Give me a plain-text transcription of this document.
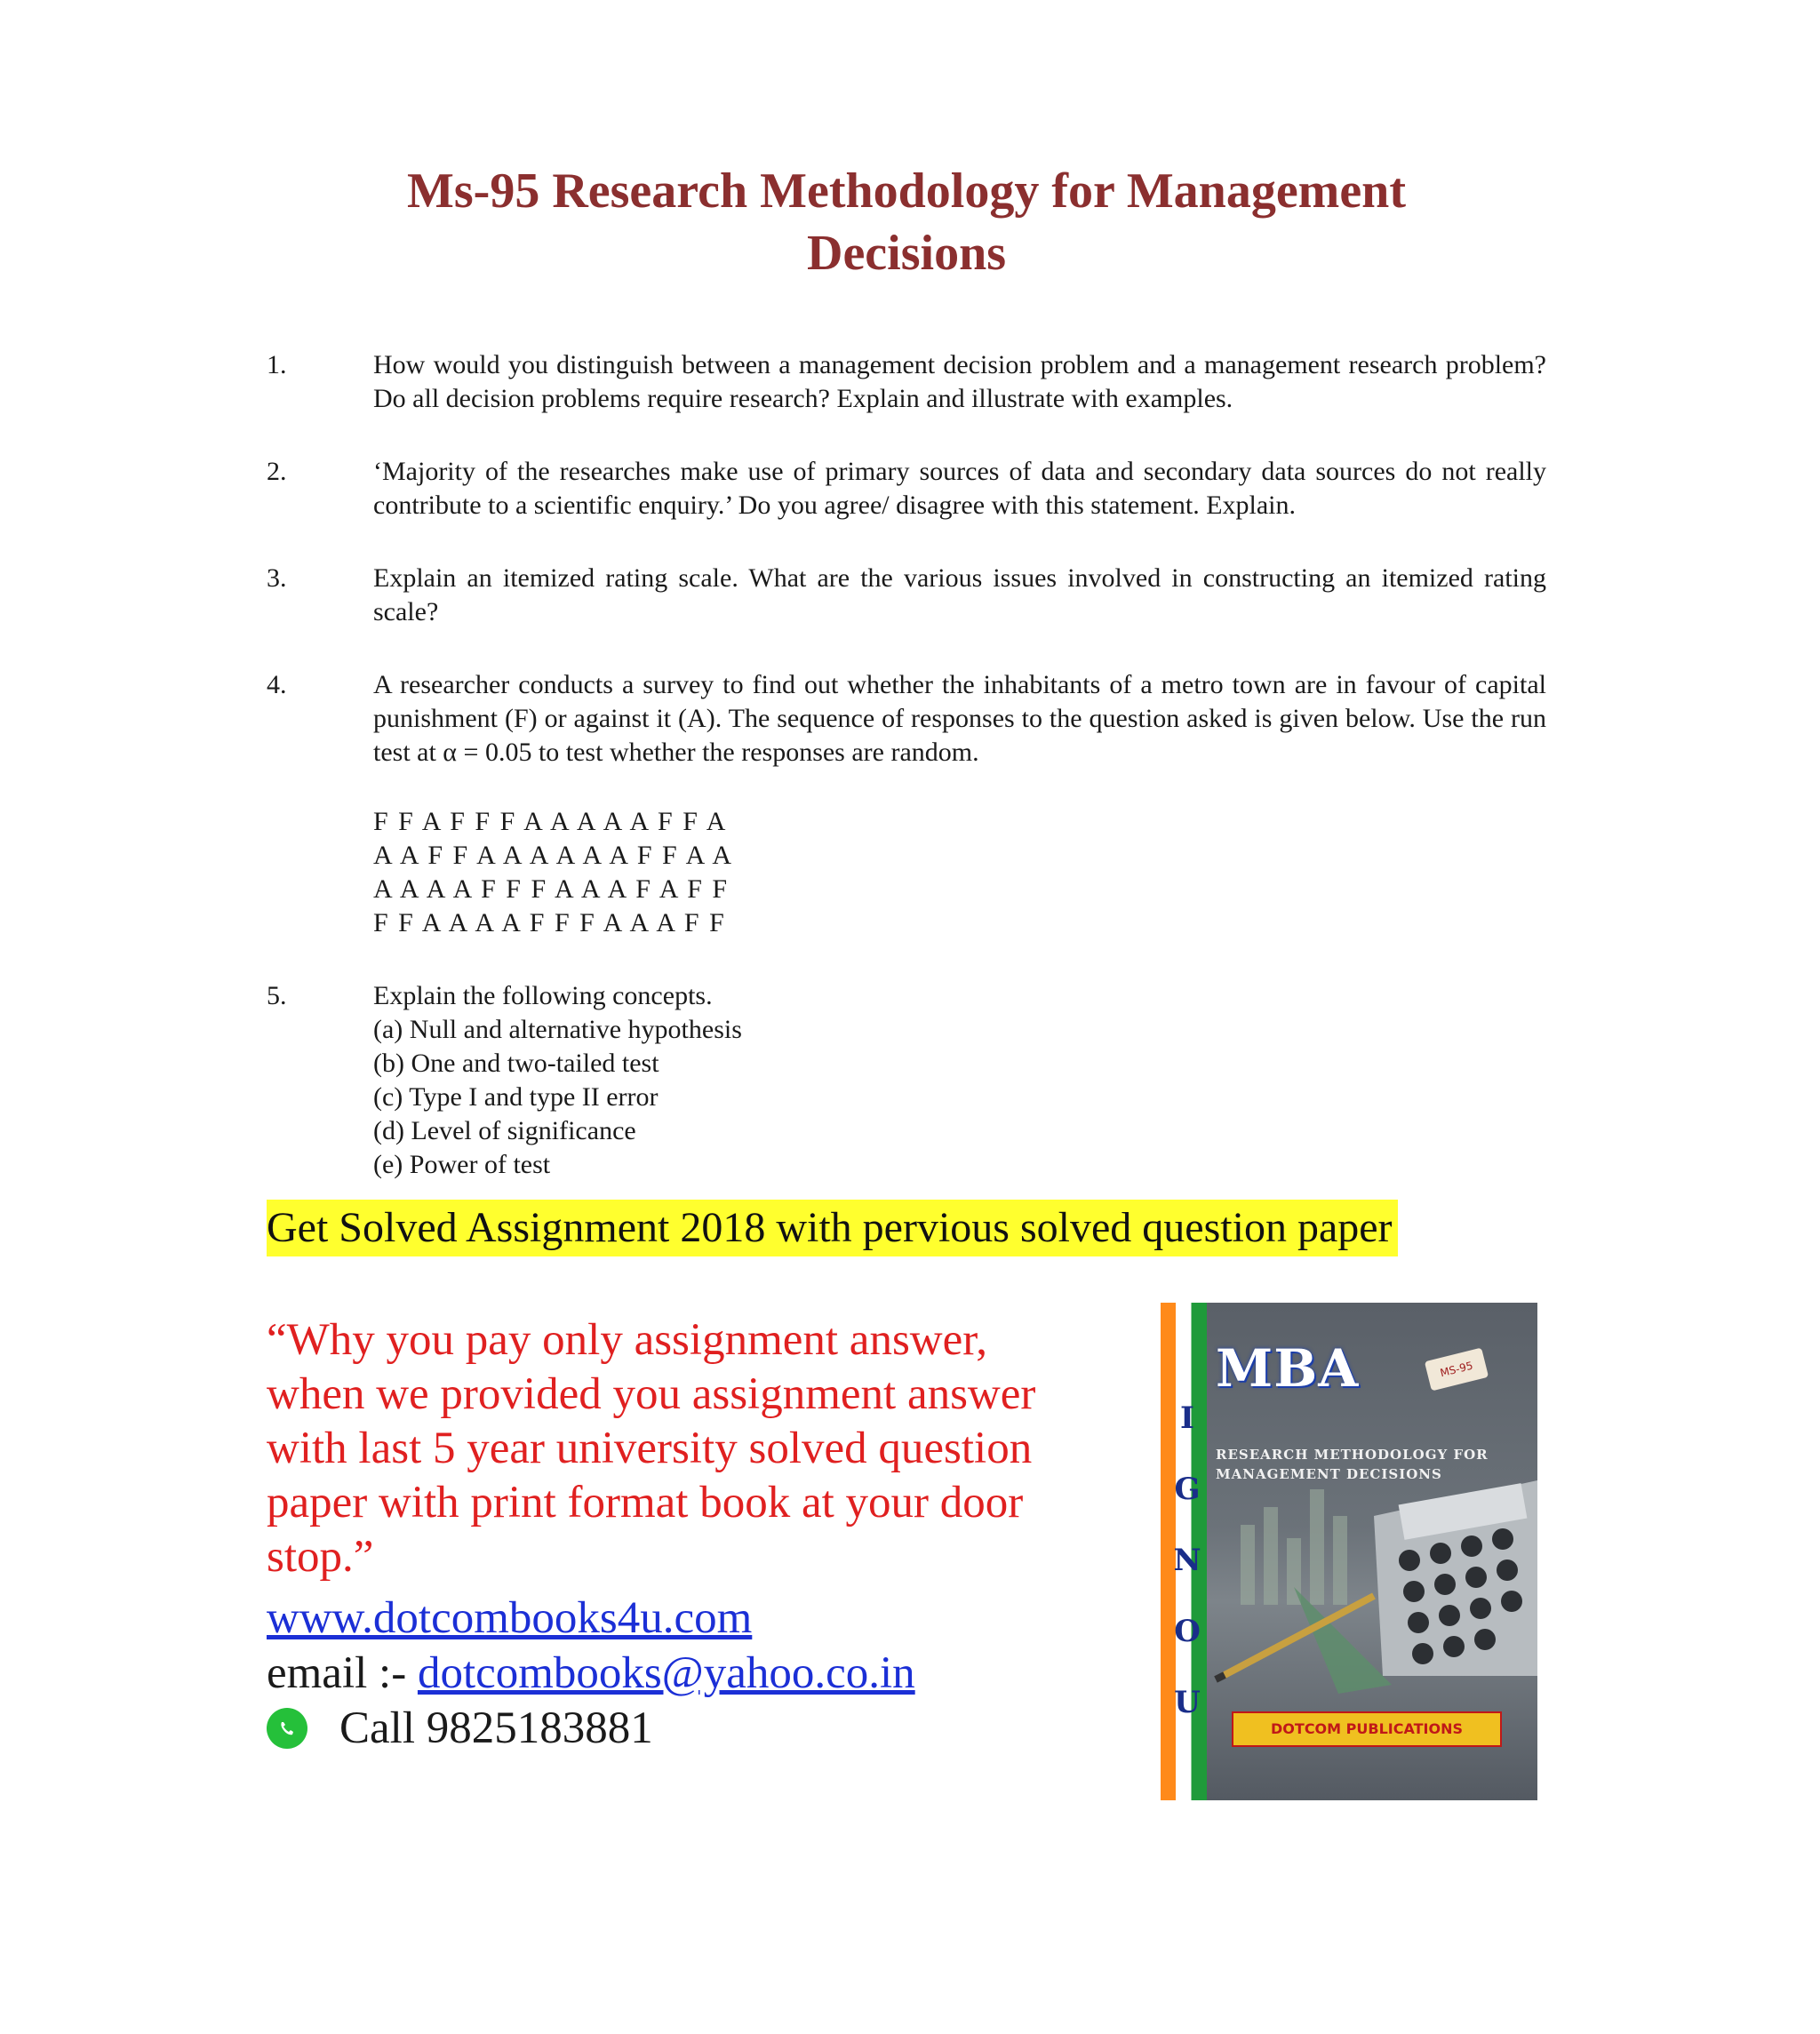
Ms-95 Research Methodology for Management
Decisions
1.	How would you distinguish between a management decision problem and a management research problem? Do all decision problems require research? Explain and illustrate with examples.
2.	‘Majority of the researches make use of primary sources of data and secondary data sources do not really contribute to a scientific enquiry.’ Do you agree/ disagree with this statement. Explain.
3.	Explain an itemized rating scale. What are the various issues involved in constructing an itemized rating scale?
4.	A researcher conducts a survey to find out whether the inhabitants of a metro town are in favour of capital punishment (F) or against it (A). The sequence of responses to the question asked is given below. Use the run test at α = 0.05 to test whether the responses are random.
F F A F F F A A A A A F F A
A A F F A A A A A A F F A A
A A A A F F F A A A F A F F
F F A A A A F F F A A A F F
5.	Explain the following concepts.
(a) Null and alternative hypothesis
(b) One and two-tailed test
(c) Type I and type II error
(d) Level of significance
(e) Power of test
Get Solved Assignment 2018 with pervious solved question paper
“Why you pay only assignment answer, when we provided you assignment answer with last 5 year university solved question paper with print format book at your door stop.”
www.dotcombooks4u.com
email :- dotcombooks@yahoo.co.in
Call 9825183881
I
G
N
O
U
MBA	MS-95
RESEARCH METHODOLOGY FOR MANAGEMENT DECISIONS
DOTCOM PUBLICATIONS
